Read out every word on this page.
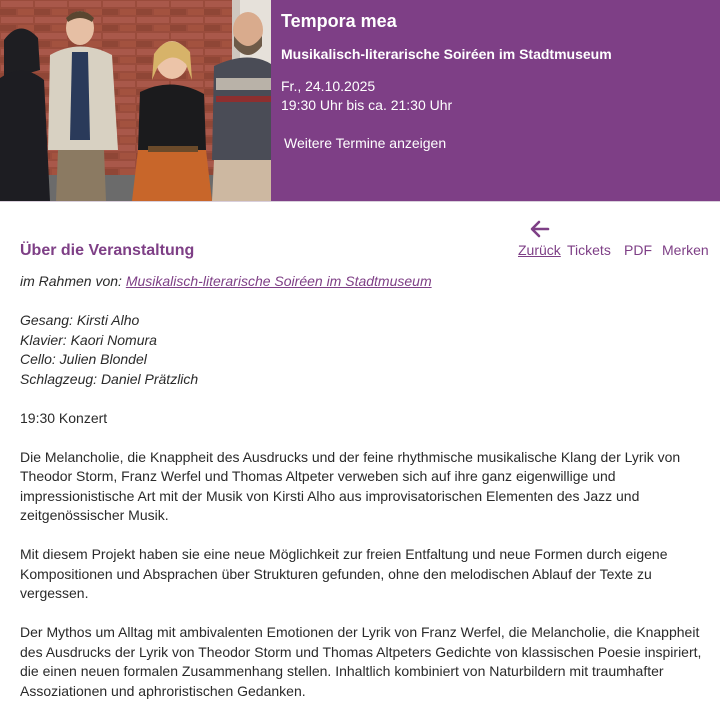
Tempora mea
Musikalisch-literarische Soiréen im Stadtmuseum
Fr., 24.10.2025
19:30 Uhr bis ca. 21:30 Uhr
Weitere Termine anzeigen
Über die Veranstaltung	Zurück Tickets PDF Merken

im Rahmen von: Musikalisch-literarische Soiréen im Stadtmuseum

Gesang: Kirsti Alho
Klavier: Kaori Nomura
Cello: Julien Blondel
Schlagzeug: Daniel Prätzlich

19:30 Konzert

Die Melancholie, die Knappheit des Ausdrucks und der feine rhythmische musikalische Klang der Lyrik von Theodor Storm, Franz Werfel und Thomas Altpeter verweben sich auf ihre ganz eigenwillige und impressionistische Art mit der Musik von Kirsti Alho aus improvisatorischen Elementen des Jazz und zeitgenössischer Musik.

Mit diesem Projekt haben sie eine neue Möglichkeit zur freien Entfaltung und neue Formen durch eigene Kompositionen und Absprachen über Strukturen gefunden, ohne den melodischen Ablauf der Texte zu vergessen.

Der Mythos um Alltag mit ambivalenten Emotionen der Lyrik von Franz Werfel, die Melancholie, die Knappheit des Ausdrucks der Lyrik von Theodor Storm und Thomas Altpeters Gedichte von klassischen Poesie inspiriert, die einen neuen formalen Zusammenhang stellen. Inhaltlich kombiniert von Naturbildern mit traumhafter Assoziationen und aphroristischen Gedanken.
